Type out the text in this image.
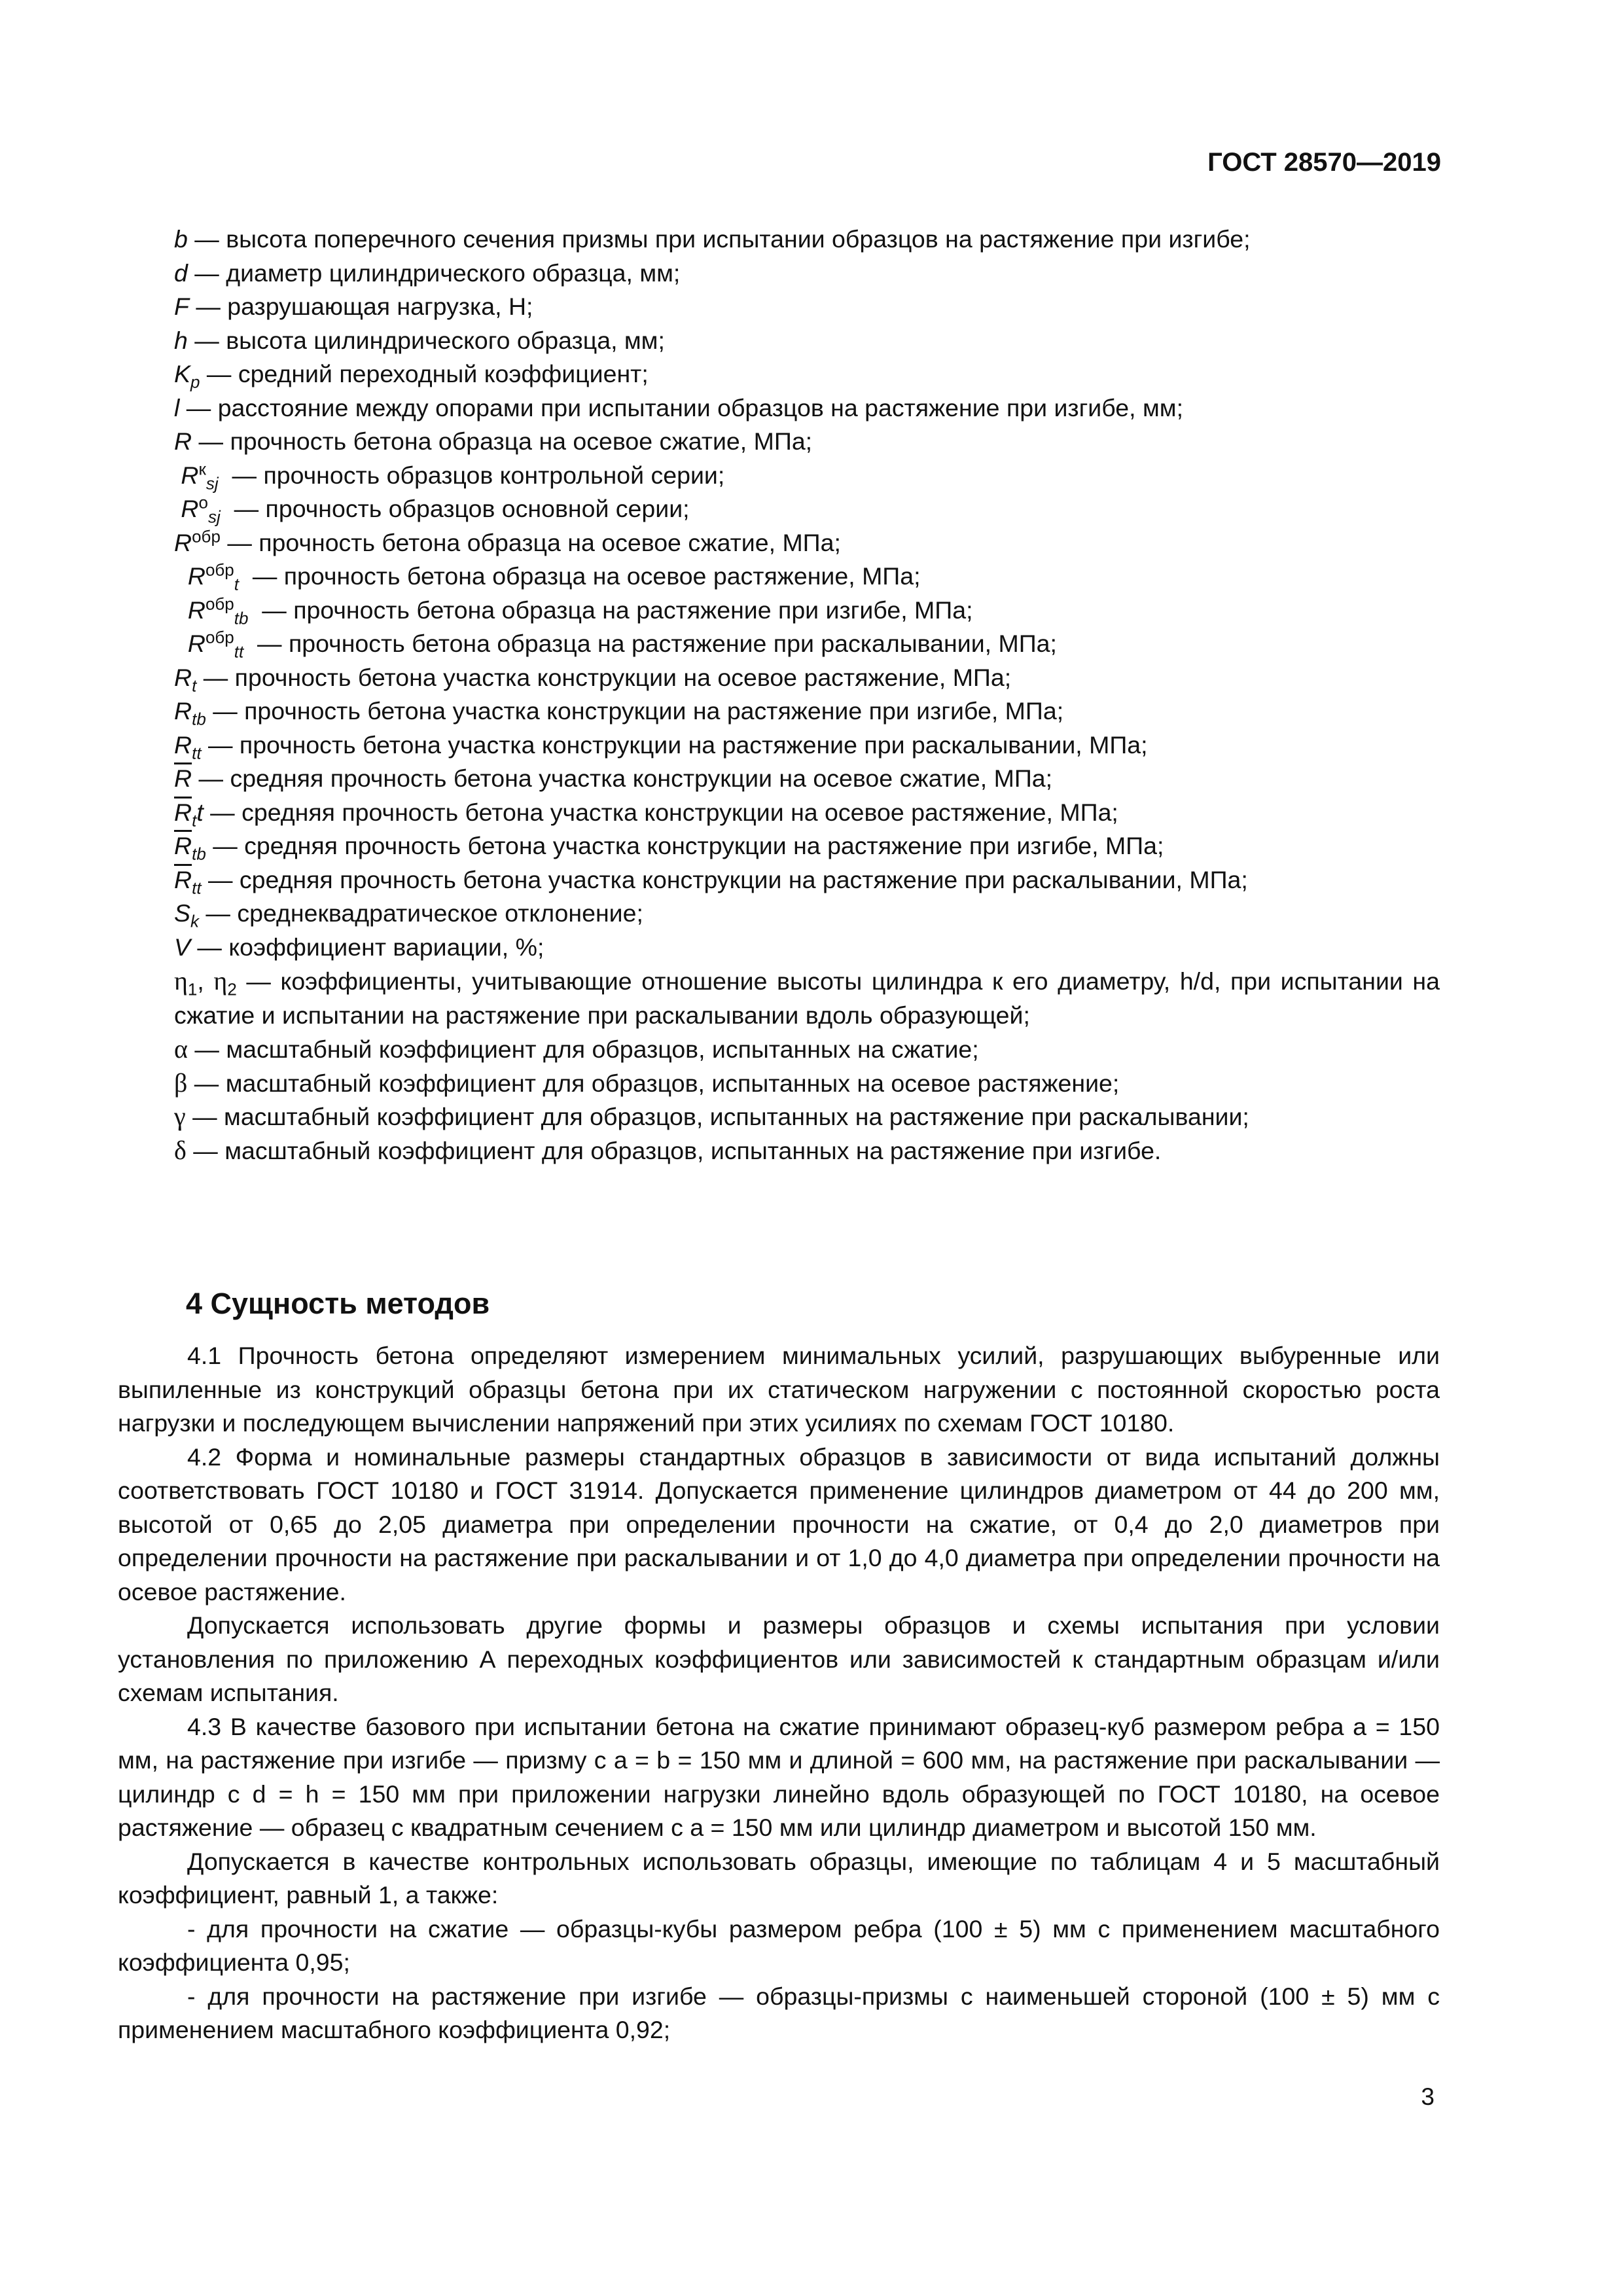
ГОСТ 28570—2019
b — высота поперечного сечения призмы при испытании образцов на растяжение при изгибе;
d — диаметр цилиндрического образца, мм;
F — разрушающая нагрузка, Н;
h — высота цилиндрического образца, мм;
$K_p$ — средний переходный коэффициент;
l — расстояние между опорами при испытании образцов на растяжение при изгибе, мм;
R — прочность бетона образца на осевое сжатие, МПа;
$R^к_{sj}$  — прочность образцов контрольной серии;
$R^о_{sj}$  — прочность образцов основной серии;
$R^{обр}$ — прочность бетона образца на осевое сжатие, МПа;
$R^{обр}_t$  — прочность бетона образца на осевое растяжение, МПа;
$R^{обр}_{tb}$  — прочность бетона образца на растяжение при изгибе, МПа;
$R^{обр}_{tt}$  — прочность бетона образца на растяжение при раскалывании, МПа;
$R_t$ — прочность бетона участка конструкции на осевое растяжение, МПа;
$R_{tb}$ — прочность бетона участка конструкции на растяжение при изгибе, МПа;
$R_{tt}$ — прочность бетона участка конструкции на растяжение при раскалывании, МПа;
$\overline{R}$ — средняя прочность бетона участка конструкции на осевое сжатие, МПа;
$\overline{R}_tt$ — средняя прочность бетона участка конструкции на осевое растяжение, МПа;
$\overline{R}_{tb}$ — средняя прочность бетона участка конструкции на растяжение при изгибе, МПа;
$\overline{R}_{tt}$ — средняя прочность бетона участка конструкции на растяжение при раскалывании, МПа;
$S_k$ — среднеквадратическое отклонение;
V — коэффициент вариации, %;
$\eta_1$, $\eta_2$ — коэффициенты, учитывающие отношение высоты цилиндра к его диаметру, h/d, при испытании на сжатие и испытании на растяжение при раскалывании вдоль образующей;
α — масштабный коэффициент для образцов, испытанных на сжатие;
β — масштабный коэффициент для образцов, испытанных на осевое растяжение;
γ — масштабный коэффициент для образцов, испытанных на растяжение при раскалывании;
δ — масштабный коэффициент для образцов, испытанных на растяжение при изгибе.
4 Сущность методов

4.1 Прочность бетона определяют измерением минимальных усилий, разрушающих выбуренные или выпиленные из конструкций образцы бетона при их статическом нагружении с постоянной скоростью роста нагрузки и последующем вычислении напряжений при этих усилиях по схемам ГОСТ 10180.

4.2 Форма и номинальные размеры стандартных образцов в зависимости от вида испытаний должны соответствовать ГОСТ 10180 и ГОСТ 31914. Допускается применение цилиндров диаметром от 44 до 200 мм, высотой от 0,65 до 2,05 диаметра при определении прочности на сжатие, от 0,4 до 2,0 диаметров при определении прочности на растяжение при раскалывании и от 1,0 до 4,0 диаметра при определении прочности на осевое растяжение.

Допускается использовать другие формы и размеры образцов и схемы испытания при условии установления по приложению А переходных коэффициентов или зависимостей к стандартным образцам и/или схемам испытания.

4.3 В качестве базового при испытании бетона на сжатие принимают образец-куб размером ребра a = 150 мм, на растяжение при изгибе — призму с a = b = 150 мм и длиной = 600 мм, на растяжение при раскалывании — цилиндр с d = h = 150 мм при приложении нагрузки линейно вдоль образующей по ГОСТ 10180, на осевое растяжение — образец с квадратным сечением с a = 150 мм или цилиндр диаметром и высотой 150 мм.

Допускается в качестве контрольных использовать образцы, имеющие по таблицам 4 и 5 масштабный коэффициент, равный 1, а также:

- для прочности на сжатие — образцы-кубы размером ребра (100 ± 5) мм с применением масштабного коэффициента 0,95;

- для прочности на растяжение при изгибе — образцы-призмы с наименьшей стороной (100 ± 5) мм с применением масштабного коэффициента 0,92;

3
